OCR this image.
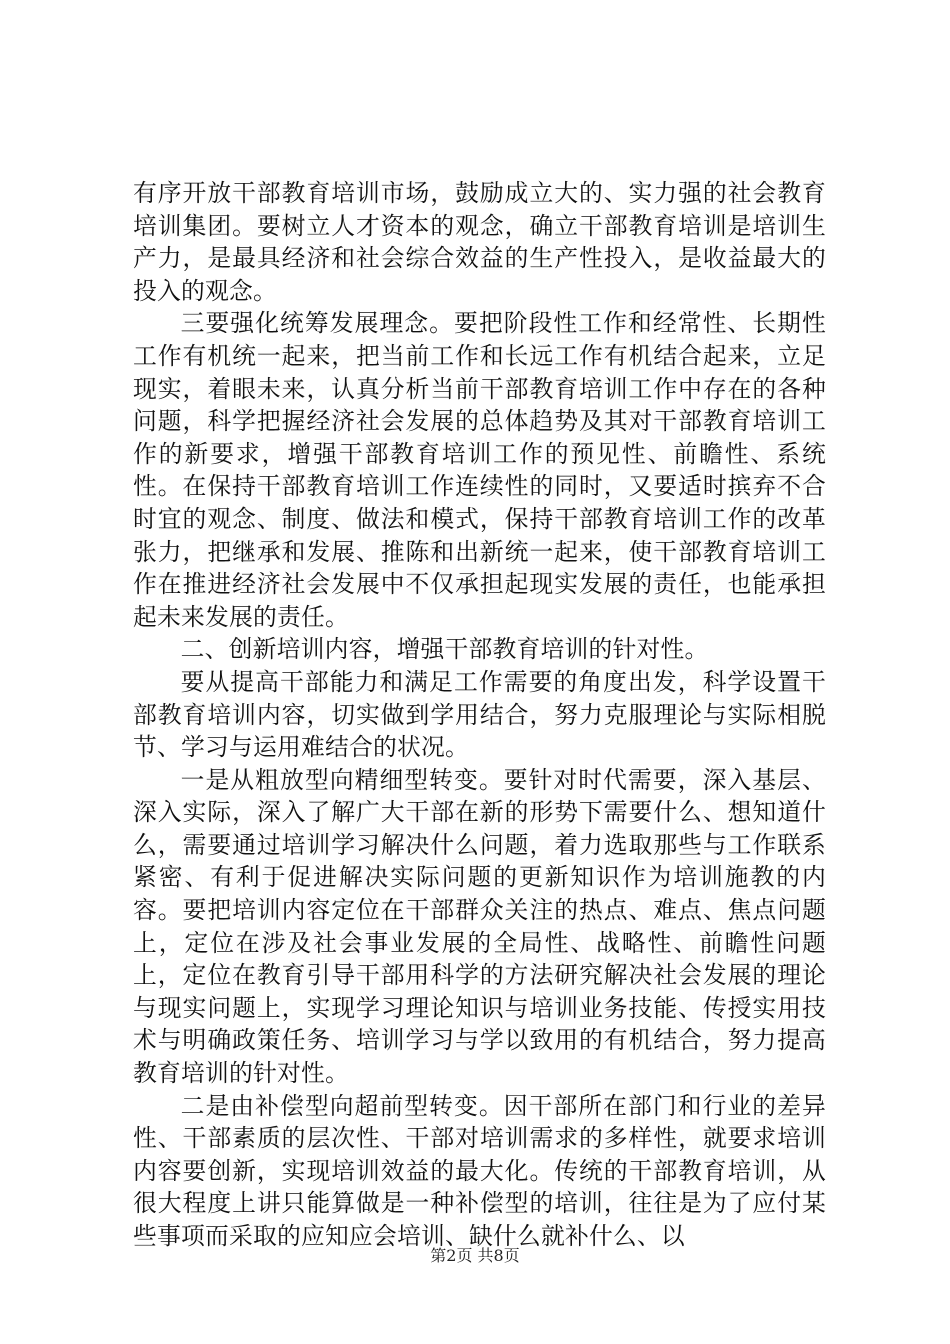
有序开放干部教育培训市场，鼓励成立大的、实力强的社会教育培训集团。要树立人才资本的观念，确立干部教育培训是培训生产力，是最具经济和社会综合效益的生产性投入，是收益最大的投入的观念。

三要强化统筹发展理念。要把阶段性工作和经常性、长期性工作有机统一起来，把当前工作和长远工作有机结合起来，立足现实，着眼未来，认真分析当前干部教育培训工作中存在的各种问题，科学把握经济社会发展的总体趋势及其对干部教育培训工作的新要求，增强干部教育培训工作的预见性、前瞻性、系统性。在保持干部教育培训工作连续性的同时，又要适时摈弃不合时宜的观念、制度、做法和模式，保持干部教育培训工作的改革张力，把继承和发展、推陈和出新统一起来，使干部教育培训工作在推进经济社会发展中不仅承担起现实发展的责任，也能承担起未来发展的责任。

二、创新培训内容，增强干部教育培训的针对性。

要从提高干部能力和满足工作需要的角度出发，科学设置干部教育培训内容，切实做到学用结合，努力克服理论与实际相脱节、学习与运用难结合的状况。

一是从粗放型向精细型转变。要针对时代需要，深入基层、深入实际，深入了解广大干部在新的形势下需要什么、想知道什么，需要通过培训学习解决什么问题，着力选取那些与工作联系紧密、有利于促进解决实际问题的更新知识作为培训施教的内容。要把培训内容定位在干部群众关注的热点、难点、焦点问题上，定位在涉及社会事业发展的全局性、战略性、前瞻性问题上，定位在教育引导干部用科学的方法研究解决社会发展的理论与现实问题上，实现学习理论知识与培训业务技能、传授实用技术与明确政策任务、培训学习与学以致用的有机结合，努力提高教育培训的针对性。

二是由补偿型向超前型转变。因干部所在部门和行业的差异性、干部素质的层次性、干部对培训需求的多样性，就要求培训内容要创新，实现培训效益的最大化。传统的干部教育培训，从很大程度上讲只能算做是一种补偿型的培训，往往是为了应付某些事项而采取的应知应会培训、缺什么就补什么、以

第2页 共8页
